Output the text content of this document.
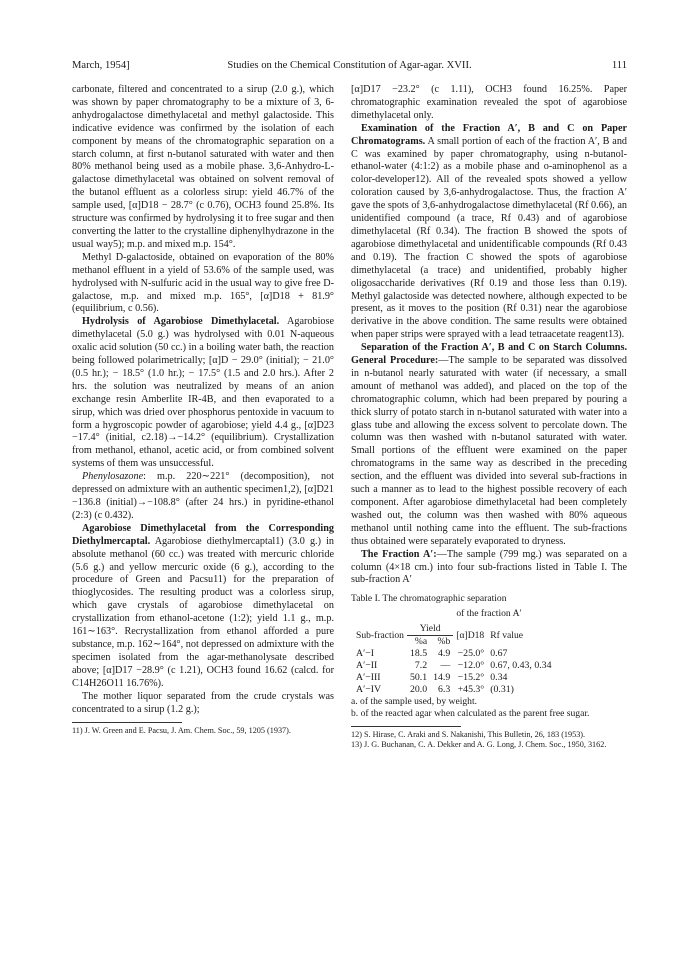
March, 1954]	Studies on the Chemical Constitution of Agar-agar. XVII.	111

carbonate, filtered and concentrated to a sirup (2.0 g.), which was shown by paper chromatography to be a mixture of 3, 6-anhydrogalactose dimethylacetal and methyl galactoside. This indicative evidence was confirmed by the isolation of each component by means of the chromatographic separation on a starch column, at first n-butanol saturated with water and then 80% methanol being used as a mobile phase. 3,6-Anhydro-L-galactose dimethylacetal was obtained on solvent removal of the butanol effluent as a colorless sirup: yield 46.7% of the sample used, [α]D18 − 28.7° (c 0.76), OCH3 found 25.8%. Its structure was confirmed by hydrolysing it to free sugar and then converting the latter to the crystalline diphenylhydrazone in the usual way5); m.p. and mixed m.p. 154°.

Methyl D-galactoside, obtained on evaporation of the 80% methanol effluent in a yield of 53.6% of the sample used, was hydrolysed with N-sulfuric acid in the usual way to give free D-galactose, m.p. and mixed m.p. 165°, [α]D18 + 81.9° (equilibrium, c 0.56).

Hydrolysis of Agarobiose Dimethylacetal. Agarobiose dimethylacetal (5.0 g.) was hydrolysed with 0.01 N-aqueous oxalic acid solution (50 cc.) in a boiling water bath, the reaction being followed polarimetrically; [α]D − 29.0° (initial); − 21.0° (0.5 hr.); − 18.5° (1.0 hr.); − 17.5° (1.5 and 2.0 hrs.). After 2 hrs. the solution was neutralized by means of an anion exchange resin Amberlite IR-4B, and then evaporated to a sirup, which was dried over phosphorus pentoxide in vacuum to form a hygroscopic powder of agarobiose; yield 4.4 g., [α]D23 −17.4° (initial, c2.18)→−14.2° (equilibrium). Crystallization from methanol, ethanol, acetic acid, or from combined solvent systems of them was unsuccessful.

Phenylosazone: m.p. 220∼221° (decomposition), not depressed on admixture with an authentic specimen1,2), [α]D21 −136.8 (initial)→−108.8° (after 24 hrs.) in pyridine-ethanol (2:3) (c 0.432).

Agarobiose Dimethylacetal from the Corresponding Diethylmercaptal. Agarobiose diethylmercaptal1) (3.0 g.) in absolute methanol (60 cc.) was treated with mercuric chloride (5.6 g.) and yellow mercuric oxide (6 g.), according to the procedure of Green and Pacsu11) for the preparation of thioglycosides. The resulting product was a colorless sirup, which gave crystals of agarobiose dimethylacetal on crystallization from ethanol-acetone (1:2); yield 1.1 g., m.p. 161∼163°. Recrystallization from ethanol afforded a pure substance, m.p. 162∼164°, not depressed on admixture with the specimen isolated from the agar-methanolysate described above; [α]D17 −28.9° (c 1.21), OCH3 found 16.62 (calcd. for C14H26O11 16.76%).

The mother liquor separated from the crude crystals was concentrated to a sirup (1.2 g.);

11) J. W. Green and E. Pacsu, J. Am. Chem. Soc., 59, 1205 (1937).

[α]D17 −23.2° (c 1.11), OCH3 found 16.25%. Paper chromatographic examination revealed the spot of agarobiose dimethylacetal only.

Examination of the Fraction A′, B and C on Paper Chromatograms. A small portion of each of the fraction A′, B and C was examined by paper chromatography, using n-butanol-ethanol-water (4:1:2) as a mobile phase and o-aminophenol as a color-developer12). All of the revealed spots showed a yellow coloration caused by 3,6-anhydrogalactose. Thus, the fraction A′ gave the spots of 3,6-anhydrogalactose dimethylacetal (Rf 0.66), an unidentified compound (a trace, Rf 0.43) and of agarobiose dimethylacetal (Rf 0.34). The fraction B showed the spots of agarobiose dimethylacetal and unidentificable compounds (Rf 0.43 and 0.19). The fraction C showed the spots of agarobiose dimethylacetal (a trace) and unidentified, probably higher oligosaccharide derivatives (Rf 0.19 and those less than 0.19). Methyl galactoside was detected nowhere, although expected to be present, as it moves to the position (Rf 0.31) near the agarobiose derivative in the above condition. The same results were obtained when paper strips were sprayed with a lead tetraacetate reagent13).

Separation of the Fraction A′, B and C on Starch Columns. General Procedure:—The sample to be separated was dissolved in n-butanol nearly saturated with water (if necessary, a small amount of methanol was added), and placed on the top of the chromatographic column, which had been prepared by pouring a thick slurry of potato starch in n-butanol saturated with water into a glass tube and allowing the excess solvent to percolate down. The column was then washed with n-butanol saturated with water. Small portions of the effluent were examined on the paper chromatograms in the same way as described in the preceding section, and the effluent was divided into several sub-fractions in such a manner as to lead to the highest possible recovery of each component. After agarobiose dimethylacetal had been completely washed out, the column was then washed with 80% aqueous methanol until nothing came into the effluent. The sub-fractions thus obtained were separately evaporated to dryness.

The Fraction A′:—The sample (799 mg.) was separated on a column (4×18 cm.) into four sub-fractions listed in Table I. The sub-fraction A′

Table I. The chromatographic separation
of the fraction A′
Sub-fraction	Yield		[α]D18	Rf value
	%a	%b		
A′−I	18.5	4.9	−25.0°	0.67
A′−II	7.2	—	−12.0°	0.67, 0.43, 0.34
A′−III	50.1	14.9	−15.2°	0.34
A′−IV	20.0	6.3	+45.3°	(0.31)

a. of the sample used, by weight.

b. of the reacted agar when calculated as the parent free sugar.

12) S. Hirase, C. Araki and S. Nakanishi, This Bulletin, 26, 183 (1953).

13) J. G. Buchanan, C. A. Dekker and A. G. Long, J. Chem. Soc., 1950, 3162.
